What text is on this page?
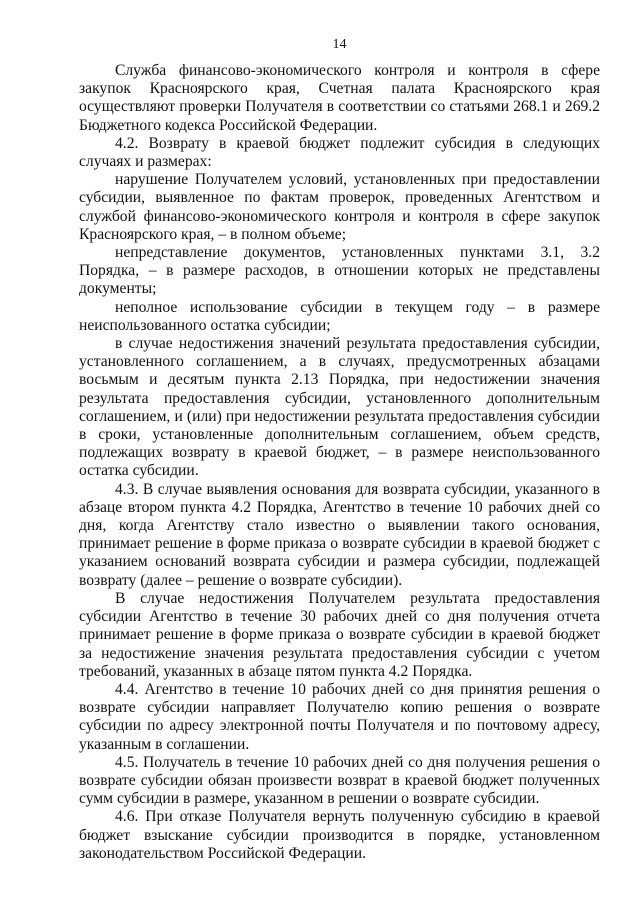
14

Служба финансово-экономического контроля и контроля в сфере закупок Красноярского края, Счетная палата Красноярского края осуществляют проверки Получателя в соответствии со статьями 268.1 и 269.2 Бюджетного кодекса Российской Федерации.

4.2. Возврату в краевой бюджет подлежит субсидия в следующих случаях и размерах:

нарушение Получателем условий, установленных при предоставлении субсидии, выявленное по фактам проверок, проведенных Агентством и службой финансово-экономического контроля и контроля в сфере закупок Красноярского края, – в полном объеме;

непредставление документов, установленных пунктами 3.1, 3.2 Порядка, – в размере расходов, в отношении которых не представлены документы;

неполное использование субсидии в текущем году – в размере неиспользованного остатка субсидии;

в случае недостижения значений результата предоставления субсидии, установленного соглашением, а в случаях, предусмотренных абзацами восьмым и десятым пункта 2.13 Порядка, при недостижении значения результата предоставления субсидии, установленного дополнительным соглашением, и (или) при недостижении результата предоставления субсидии в сроки, установленные дополнительным соглашением, объем средств, подлежащих возврату в краевой бюджет, – в размере неиспользованного остатка субсидии.

4.3. В случае выявления основания для возврата субсидии, указанного в абзаце втором пункта 4.2 Порядка, Агентство в течение 10 рабочих дней со дня, когда Агентству стало известно о выявлении такого основания, принимает решение в форме приказа о возврате субсидии в краевой бюджет с указанием оснований возврата субсидии и размера субсидии, подлежащей возврату (далее – решение о возврате субсидии).

В случае недостижения Получателем результата предоставления субсидии Агентство в течение 30 рабочих дней со дня получения отчета принимает решение в форме приказа о возврате субсидии в краевой бюджет за недостижение значения результата предоставления субсидии с учетом требований, указанных в абзаце пятом пункта 4.2 Порядка.

4.4. Агентство в течение 10 рабочих дней со дня принятия решения о возврате субсидии направляет Получателю копию решения о возврате субсидии по адресу электронной почты Получателя и по почтовому адресу, указанным в соглашении.

4.5. Получатель в течение 10 рабочих дней со дня получения решения о возврате субсидии обязан произвести возврат в краевой бюджет полученных сумм субсидии в размере, указанном в решении о возврате субсидии.

4.6. При отказе Получателя вернуть полученную субсидию в краевой бюджет взыскание субсидии производится в порядке, установленном законодательством Российской Федерации.
